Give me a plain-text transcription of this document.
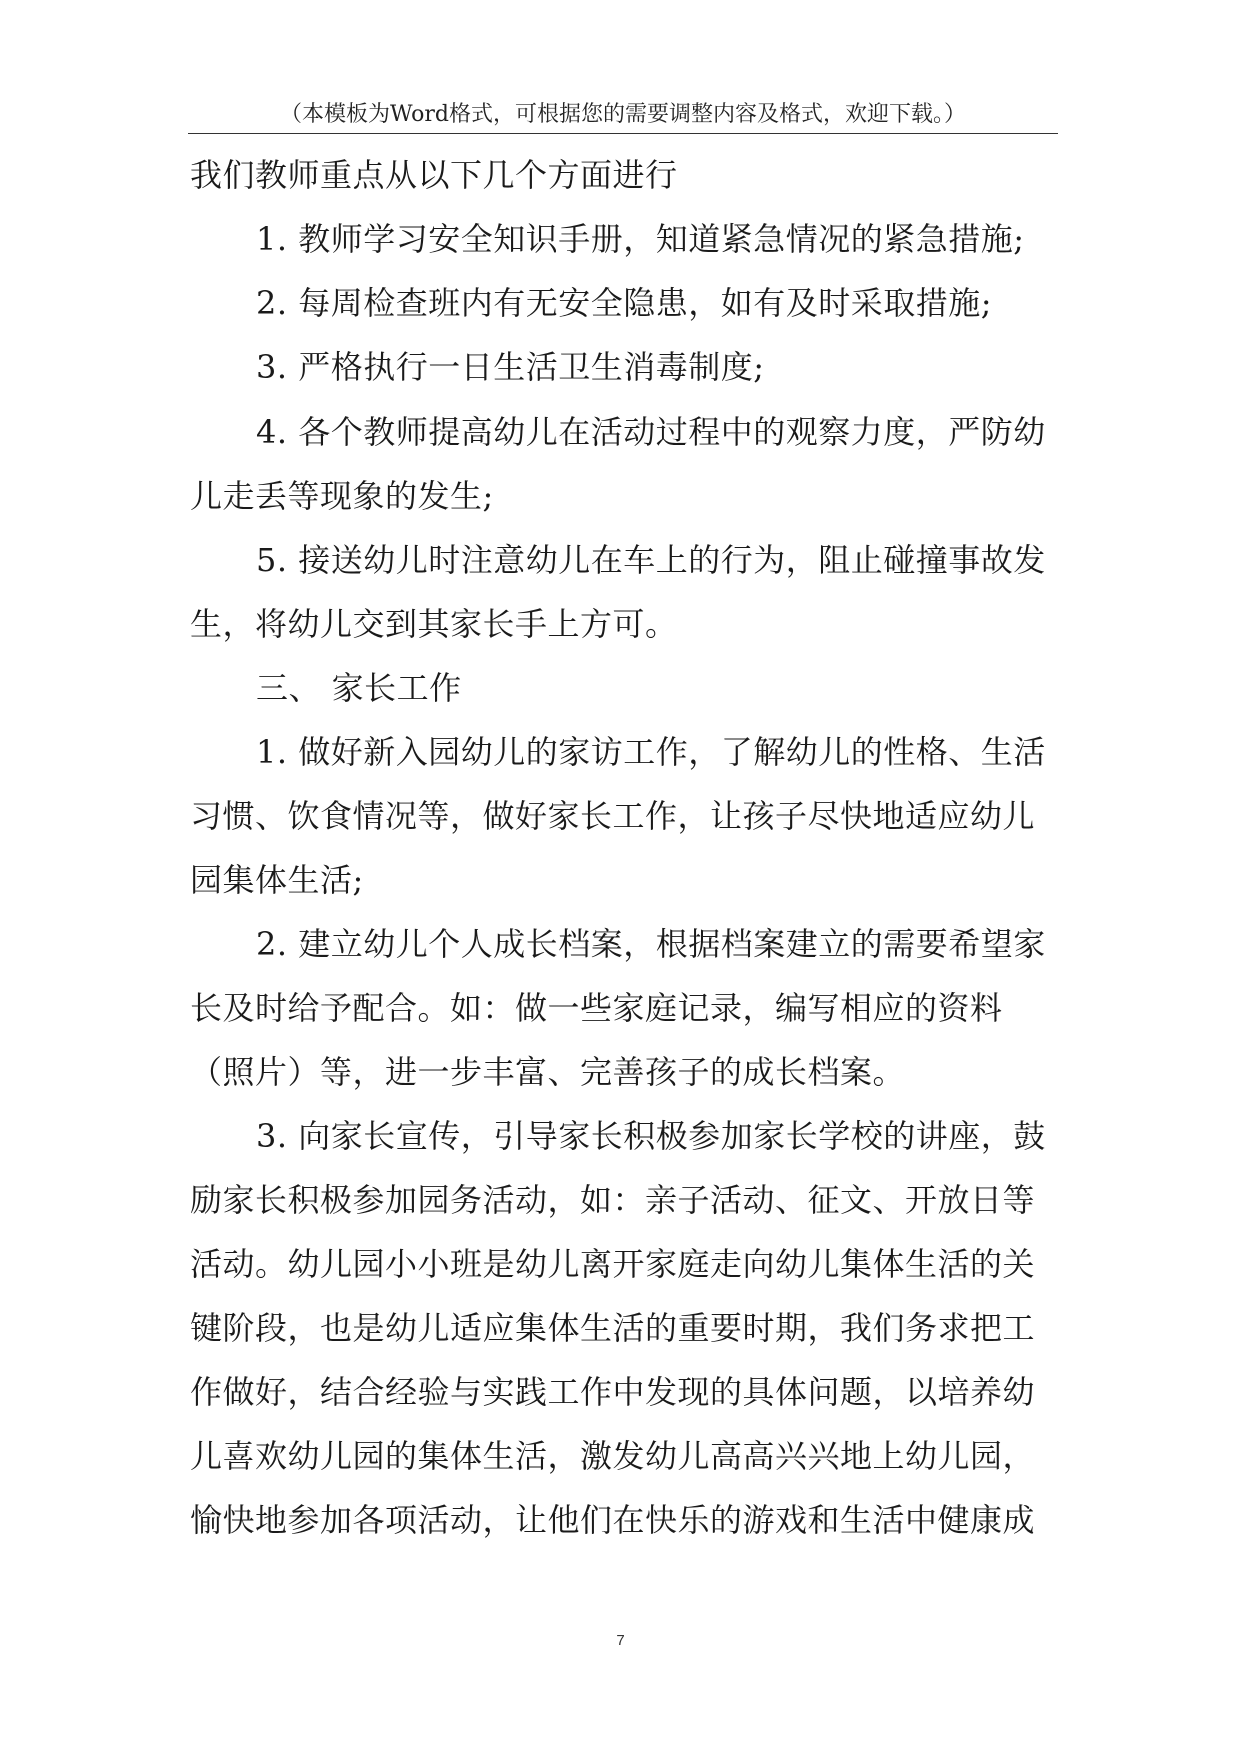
（本模板为Word格式，可根据您的需要调整内容及格式，欢迎下载。）
我们教师重点从以下几个方面进行
1. 教师学习安全知识手册，知道紧急情况的紧急措施;
2. 每周检查班内有无安全隐患，如有及时采取措施;
3. 严格执行一日生活卫生消毒制度;
4. 各个教师提高幼儿在活动过程中的观察力度，严防幼
儿走丢等现象的发生;
5. 接送幼儿时注意幼儿在车上的行为，阻止碰撞事故发
生，将幼儿交到其家长手上方可。
三、 家长工作
1. 做好新入园幼儿的家访工作，了解幼儿的性格、生活
习惯、饮食情况等，做好家长工作，让孩子尽快地适应幼儿
园集体生活;
2. 建立幼儿个人成长档案，根据档案建立的需要希望家
长及时给予配合。如：做一些家庭记录，编写相应的资料
（照片）等，进一步丰富、完善孩子的成长档案。
3. 向家长宣传，引导家长积极参加家长学校的讲座，鼓
励家长积极参加园务活动，如：亲子活动、征文、开放日等
活动。幼儿园小小班是幼儿离开家庭走向幼儿集体生活的关
键阶段，也是幼儿适应集体生活的重要时期，我们务求把工
作做好，结合经验与实践工作中发现的具体问题，以培养幼
儿喜欢幼儿园的集体生活，激发幼儿高高兴兴地上幼儿园，
愉快地参加各项活动，让他们在快乐的游戏和生活中健康成
7
